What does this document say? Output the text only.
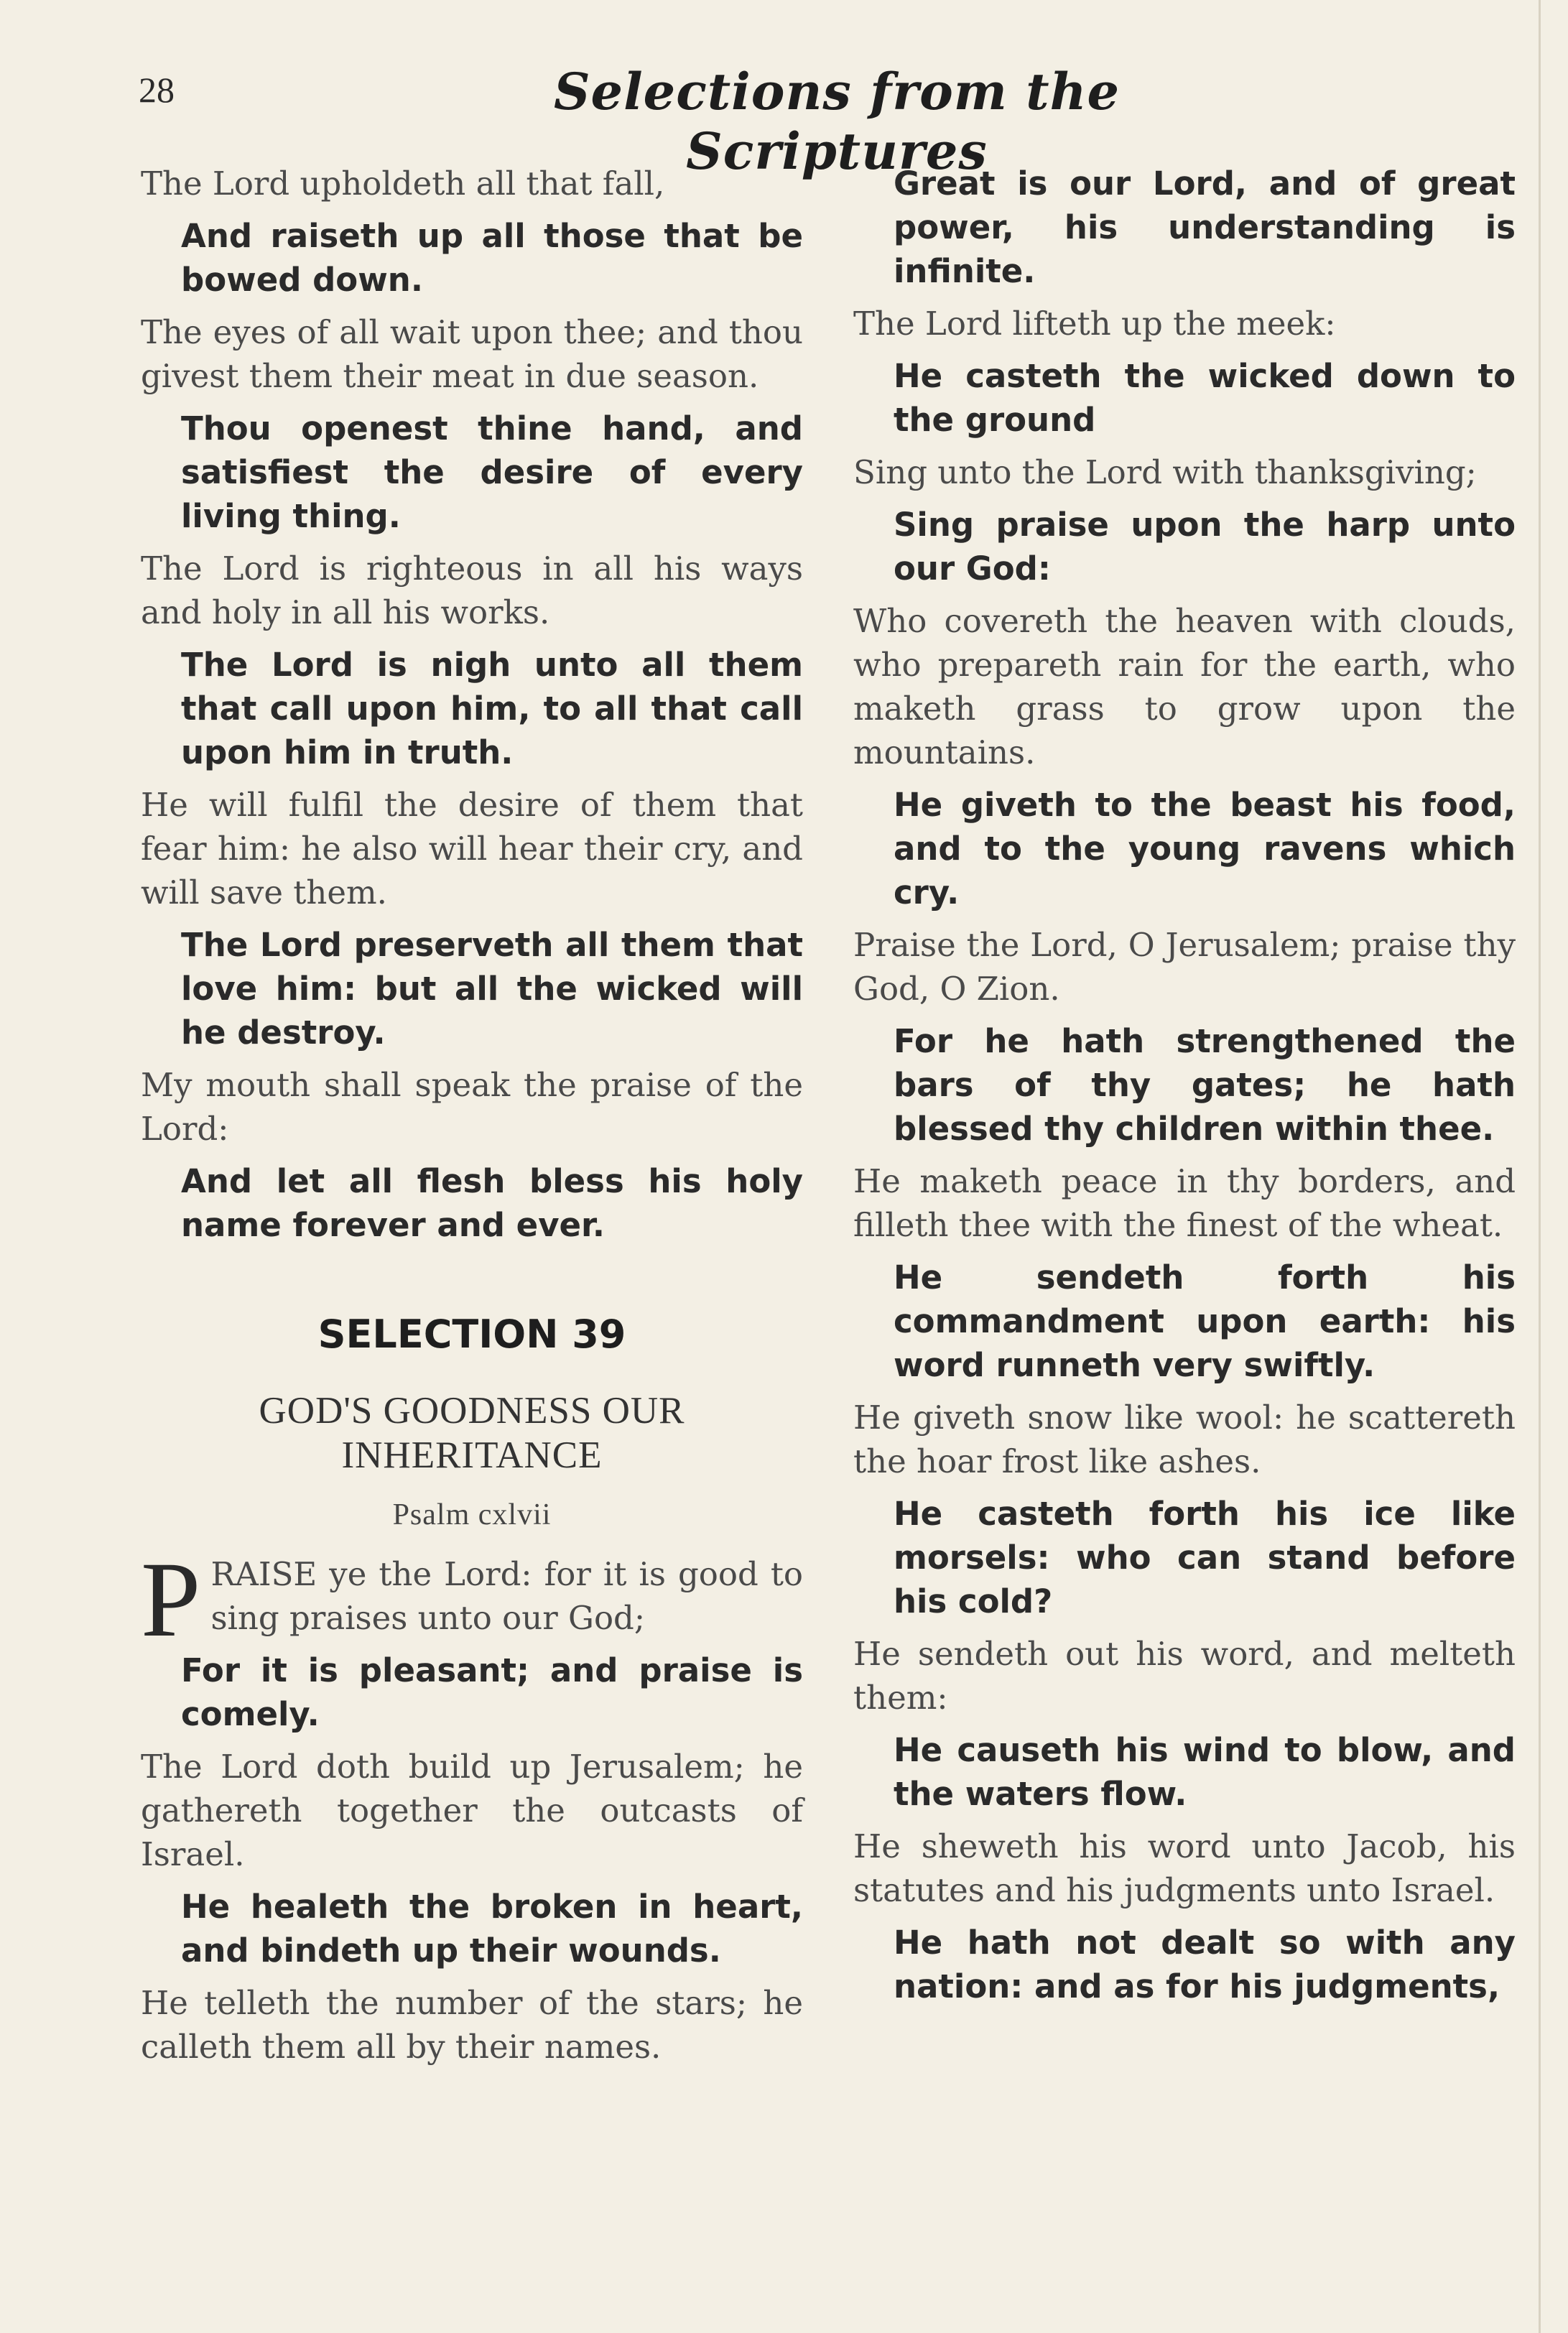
28	Selections from the Scriptures

The Lord upholdeth all that fall,

And raiseth up all those that be bowed down.

The eyes of all wait upon thee; and thou givest them their meat in due season.

Thou openest thine hand, and satisfiest the desire of every living thing.

The Lord is righteous in all his ways and holy in all his works.

The Lord is nigh unto all them that call upon him, to all that call upon him in truth.

He will fulfil the desire of them that fear him: he also will hear their cry, and will save them.

The Lord preserveth all them that love him: but all the wicked will he destroy.

My mouth shall speak the praise of the Lord:

And let all flesh bless his holy name forever and ever.

SELECTION 39
GOD'S GOODNESS OUR INHERITANCE
Psalm cxlvii

P RAISE ye the Lord: for it is good to sing praises unto our God;

For it is pleasant; and praise is comely.

The Lord doth build up Jerusalem; he gathereth together the outcasts of Israel.

He healeth the broken in heart, and bindeth up their wounds.

He telleth the number of the stars; he calleth them all by their names.

Great is our Lord, and of great power, his understanding is infinite.

The Lord lifteth up the meek:

He casteth the wicked down to the ground

Sing unto the Lord with thanksgiving;

Sing praise upon the harp unto our God:

Who covereth the heaven with clouds, who prepareth rain for the earth, who maketh grass to grow upon the mountains.

He giveth to the beast his food, and to the young ravens which cry.

Praise the Lord, O Jerusalem; praise thy God, O Zion.

For he hath strengthened the bars of thy gates; he hath blessed thy children within thee.

He maketh peace in thy borders, and filleth thee with the finest of the wheat.

He sendeth forth his commandment upon earth: his word runneth very swiftly.

He giveth snow like wool: he scattereth the hoar frost like ashes.

He casteth forth his ice like morsels: who can stand before his cold?

He sendeth out his word, and melteth them:

He causeth his wind to blow, and the waters flow.

He sheweth his word unto Jacob, his statutes and his judgments unto Israel.

He hath not dealt so with any nation: and as for his judgments,
